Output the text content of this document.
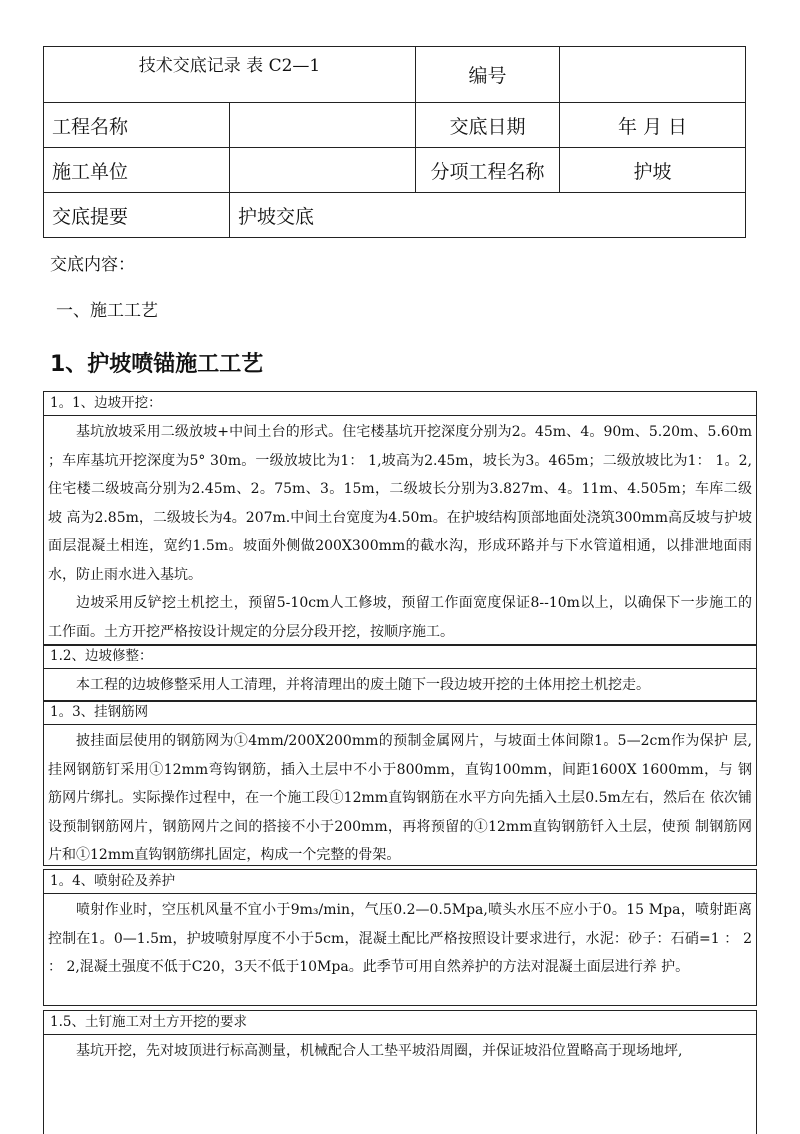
技术交底记录 表 C2—1		编号	
工程名称		交底日期	年 月 日
施工单位		分项工程名称	护坡
交底提要	护坡交底		
交底内容：
一、施工工艺
1、护坡喷锚施工工艺
1。1、边坡开挖：

基坑放坡采用二级放坡+中间土台的形式。住宅楼基坑开挖深度分别为2。45m、4。90m、5.20m、5.60m ；车库基坑开挖深度为5° 30m。一级放坡比为1： 1,坡高为2.45m，坡长为3。465m；二级放坡比为1： 1。2, 住宅楼二级坡高分别为2.45m、2。75m、3。15m，二级坡长分别为3.827m、4。11m、4.505m；车库二级坡 高为2.85m，二级坡长为4。207m.中间土台宽度为4.50m。在护坡结构顶部地面处浇筑300mm高反坡与护坡面层混凝土相连，宽约1.5m。坡面外侧做200X300mm的截水沟，形成环路并与下水管道相通，以排泄地面雨水，防止雨水进入基坑。

边坡采用反铲挖土机挖土，预留5-10cm人工修坡，预留工作面宽度保证8--10m以上，以确保下一步施工的工作面。土方开挖严格按设计规定的分层分段开挖，按顺序施工。

1.2、边坡修整：

本工程的边坡修整采用人工清理，并将清理出的废土随下一段边坡开挖的土体用挖土机挖走。

1。3、挂钢筋网

披挂面层使用的钢筋网为①4mm/200X200mm的预制金属网片，与坡面土体间隙1。5—2cm作为保护 层,挂网钢筋钉采用①12mm弯钩钢筋，插入土层中不小于800mm，直钩100mm，间距1600X 1600mm，与 钢 筋网片绑扎。实际操作过程中，在一个施工段①12mm直钩钢筋在水平方向先插入土层0.5m左右，然后在 依次铺设预制钢筋网片，钢筋网片之间的搭接不小于200mm，再将预留的①12mm直钩钢筋钎入土层，使预 制钢筋网片和①12mm直钩钢筋绑扎固定，构成一个完整的骨架。

1。4、喷射砼及养护

喷射作业时，空压机风量不宜小于9m₃/min，气压0.2—0.5Mpa,喷头水压不应小于0。15 Mpa，喷射距离控制在1。0—1.5m，护坡喷射厚度不小于5cm，混凝土配比严格按照设计要求进行，水泥：砂子：石硝=1 ： 2 ： 2,混凝土强度不低于C20，3天不低于10Mpa。此季节可用自然养护的方法对混凝土面层进行养 护。

1.5、土钉施工对土方开挖的要求

基坑开挖，先对坡顶进行标高测量，机械配合人工垫平坡沿周圈，并保证坡沿位置略高于现场地坪,
